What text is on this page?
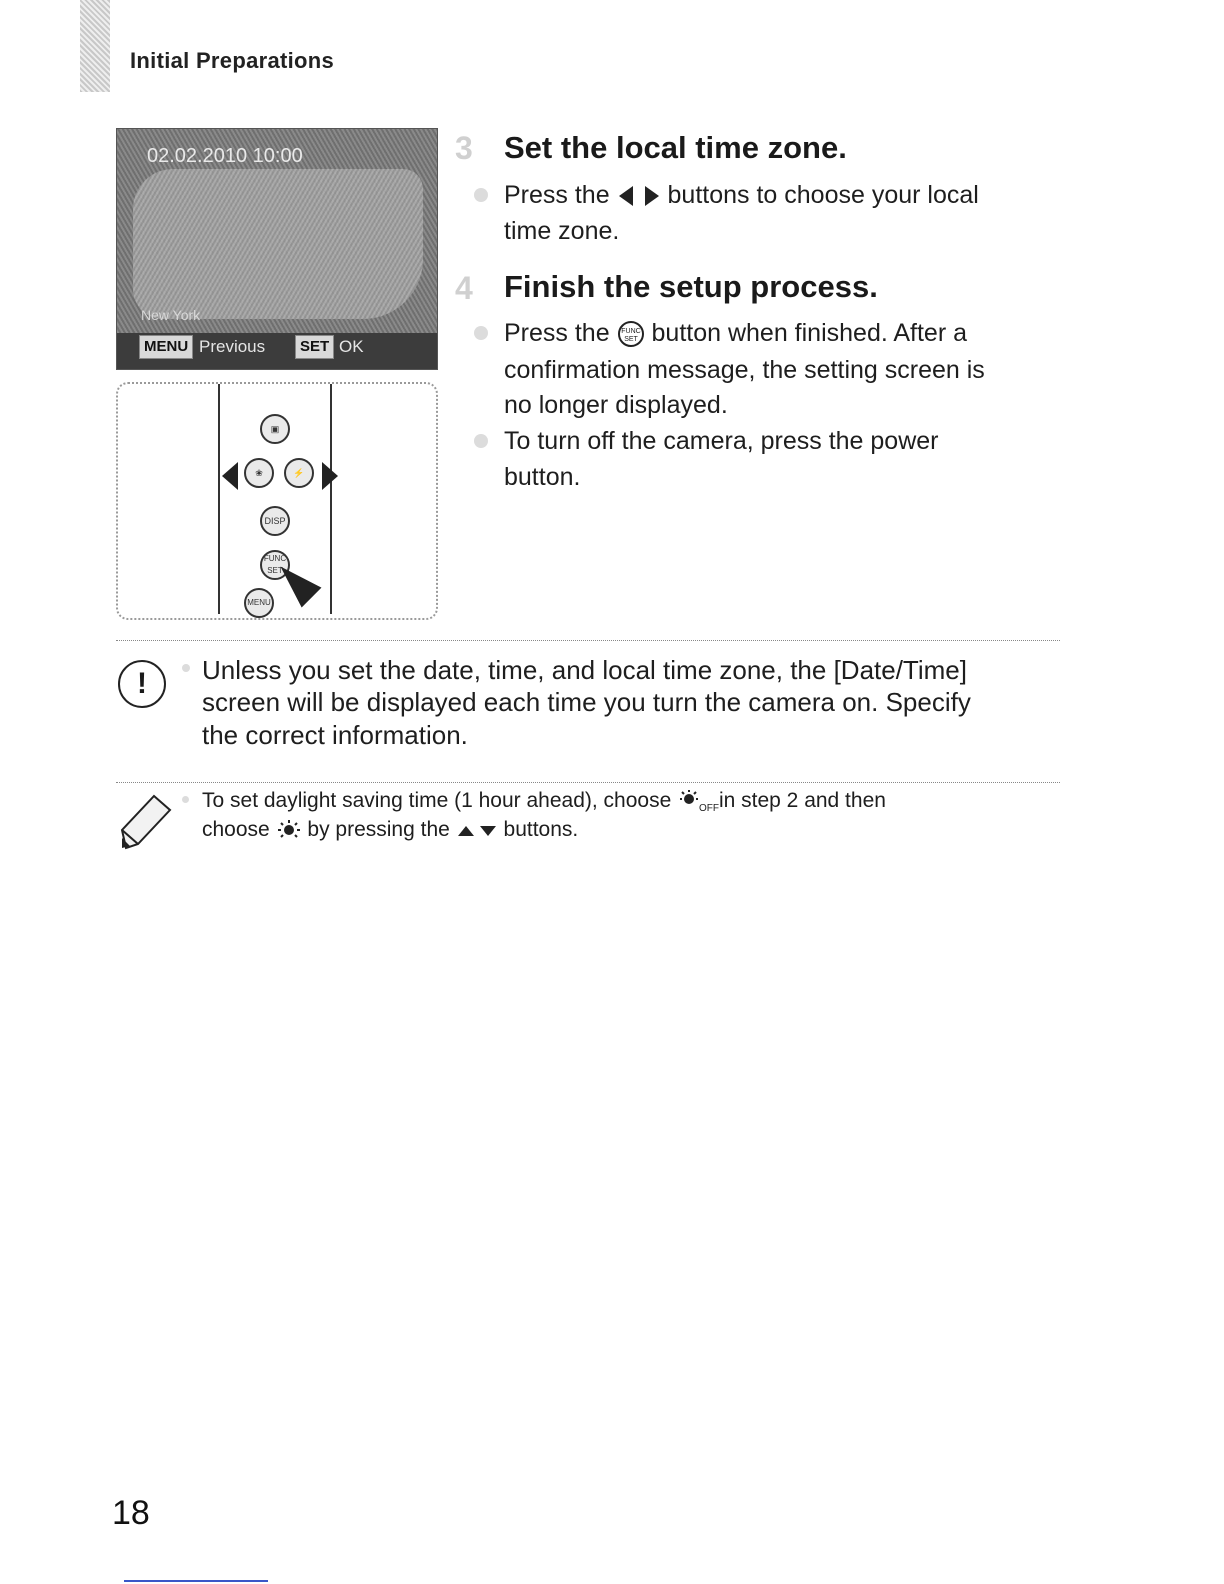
Initial Preparations
02.02.2010 10:00
New York
MENU Previous	SET OK
▣
❀	⚡
DISP
FUNC SET
MENU
3 Set the local time zone.
Press the buttons to choose your local
time zone.
4 Finish the setup process.
Press the FUNC
SET button when finished. After a
confirmation message, the setting screen is
no longer displayed.
To turn off the camera, press the power
button.
!	Unless you set the date, time, and local time zone, the [Date/Time]
screen will be displayed each time you turn the camera on. Specify
the correct information.
To set daylight saving time (1 hour ahead), choose	OFF in step 2 and then
choose by pressing the	buttons.
18
